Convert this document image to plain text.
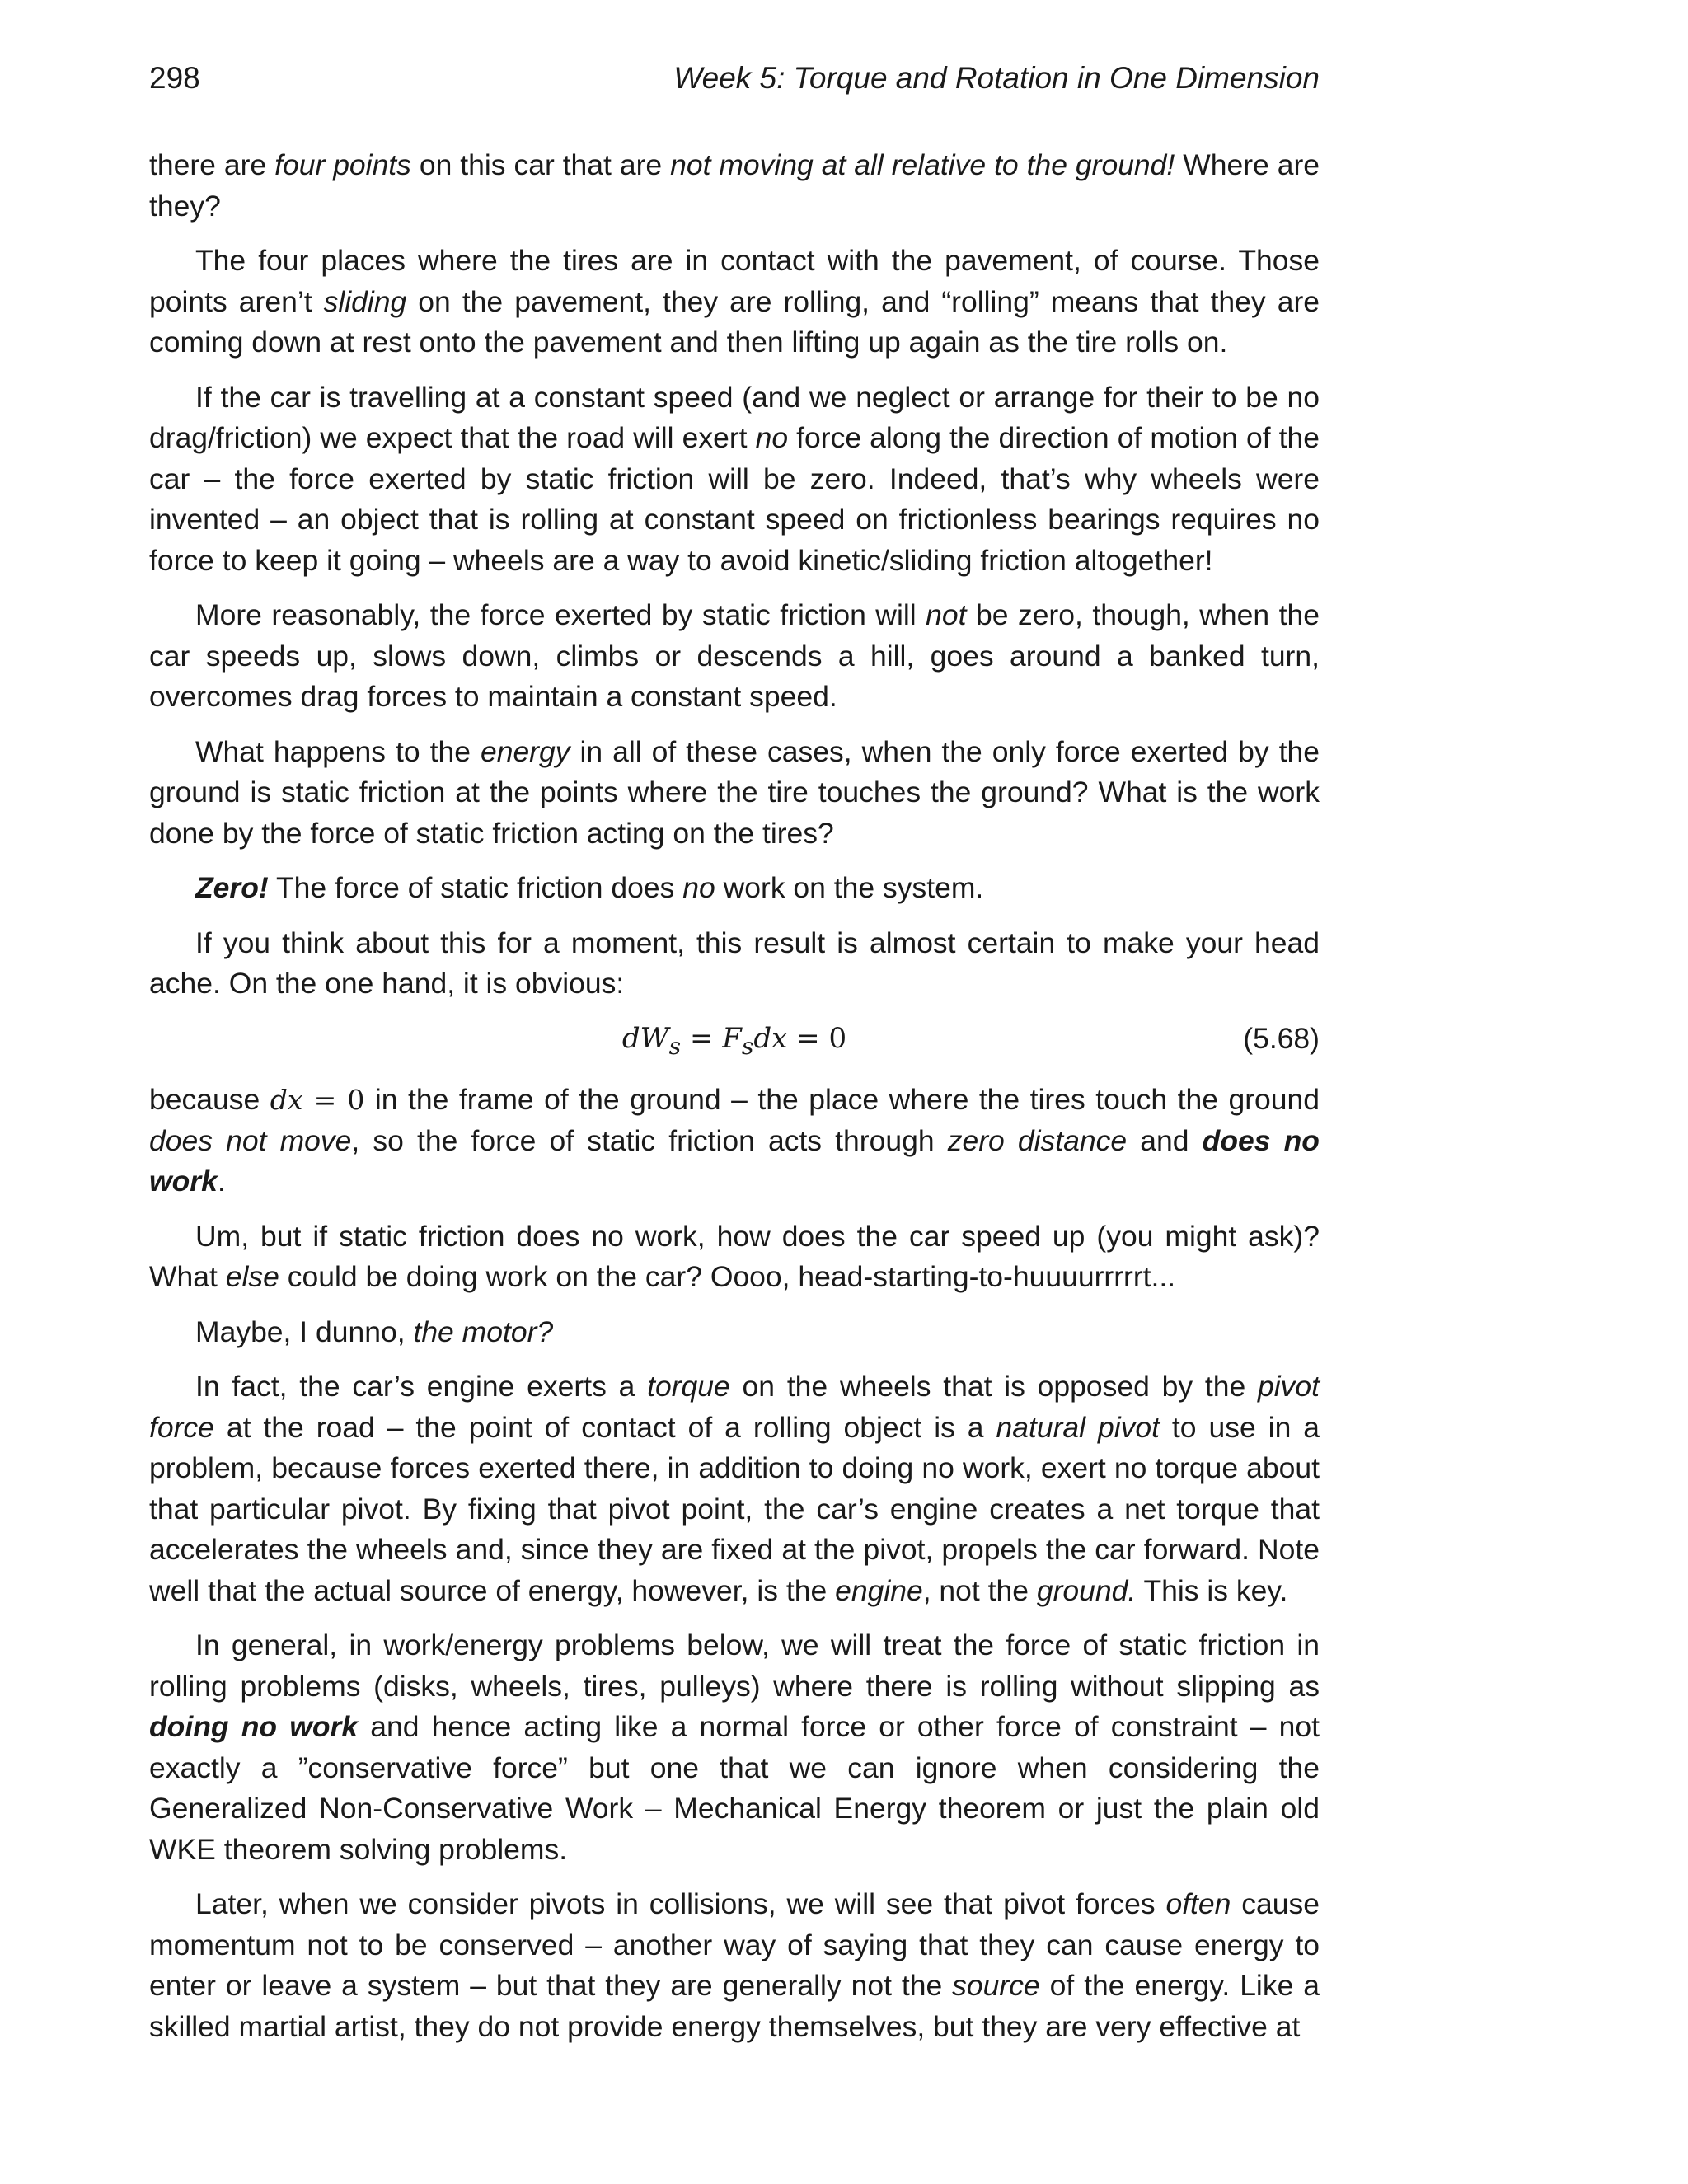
298	Week 5: Torque and Rotation in One Dimension

there are four points on this car that are not moving at all relative to the ground! Where are they?

The four places where the tires are in contact with the pavement, of course. Those points aren’t sliding on the pavement, they are rolling, and “rolling” means that they are coming down at rest onto the pavement and then lifting up again as the tire rolls on.

If the car is travelling at a constant speed (and we neglect or arrange for their to be no drag/friction) we expect that the road will exert no force along the direction of motion of the car – the force exerted by static friction will be zero. Indeed, that’s why wheels were invented – an object that is rolling at constant speed on frictionless bearings requires no force to keep it going – wheels are a way to avoid kinetic/sliding friction altogether!

More reasonably, the force exerted by static friction will not be zero, though, when the car speeds up, slows down, climbs or descends a hill, goes around a banked turn, overcomes drag forces to maintain a constant speed.

What happens to the energy in all of these cases, when the only force exerted by the ground is static friction at the points where the tire touches the ground? What is the work done by the force of static friction acting on the tires?

Zero! The force of static friction does no work on the system.

If you think about this for a moment, this result is almost certain to make your head ache. On the one hand, it is obvious:

$dW_s = F_sdx = 0$	(5.68)

because dx = 0 in the frame of the ground – the place where the tires touch the ground does not move, so the force of static friction acts through zero distance and does no work.

Um, but if static friction does no work, how does the car speed up (you might ask)? What else could be doing work on the car? Oooo, head-starting-to-huuuurrrrrt...

Maybe, I dunno, the motor?

In fact, the car’s engine exerts a torque on the wheels that is opposed by the pivot force at the road – the point of contact of a rolling object is a natural pivot to use in a problem, because forces exerted there, in addition to doing no work, exert no torque about that particular pivot. By fixing that pivot point, the car’s engine creates a net torque that accelerates the wheels and, since they are fixed at the pivot, propels the car forward. Note well that the actual source of energy, however, is the engine, not the ground. This is key.

In general, in work/energy problems below, we will treat the force of static friction in rolling problems (disks, wheels, tires, pulleys) where there is rolling without slipping as doing no work and hence acting like a normal force or other force of constraint – not exactly a ”conservative force” but one that we can ignore when considering the Generalized Non-Conservative Work – Mechanical Energy theorem or just the plain old WKE theorem solving problems.

Later, when we consider pivots in collisions, we will see that pivot forces often cause momentum not to be conserved – another way of saying that they can cause energy to enter or leave a system – but that they are generally not the source of the energy. Like a skilled martial artist, they do not provide energy themselves, but they are very effective at
